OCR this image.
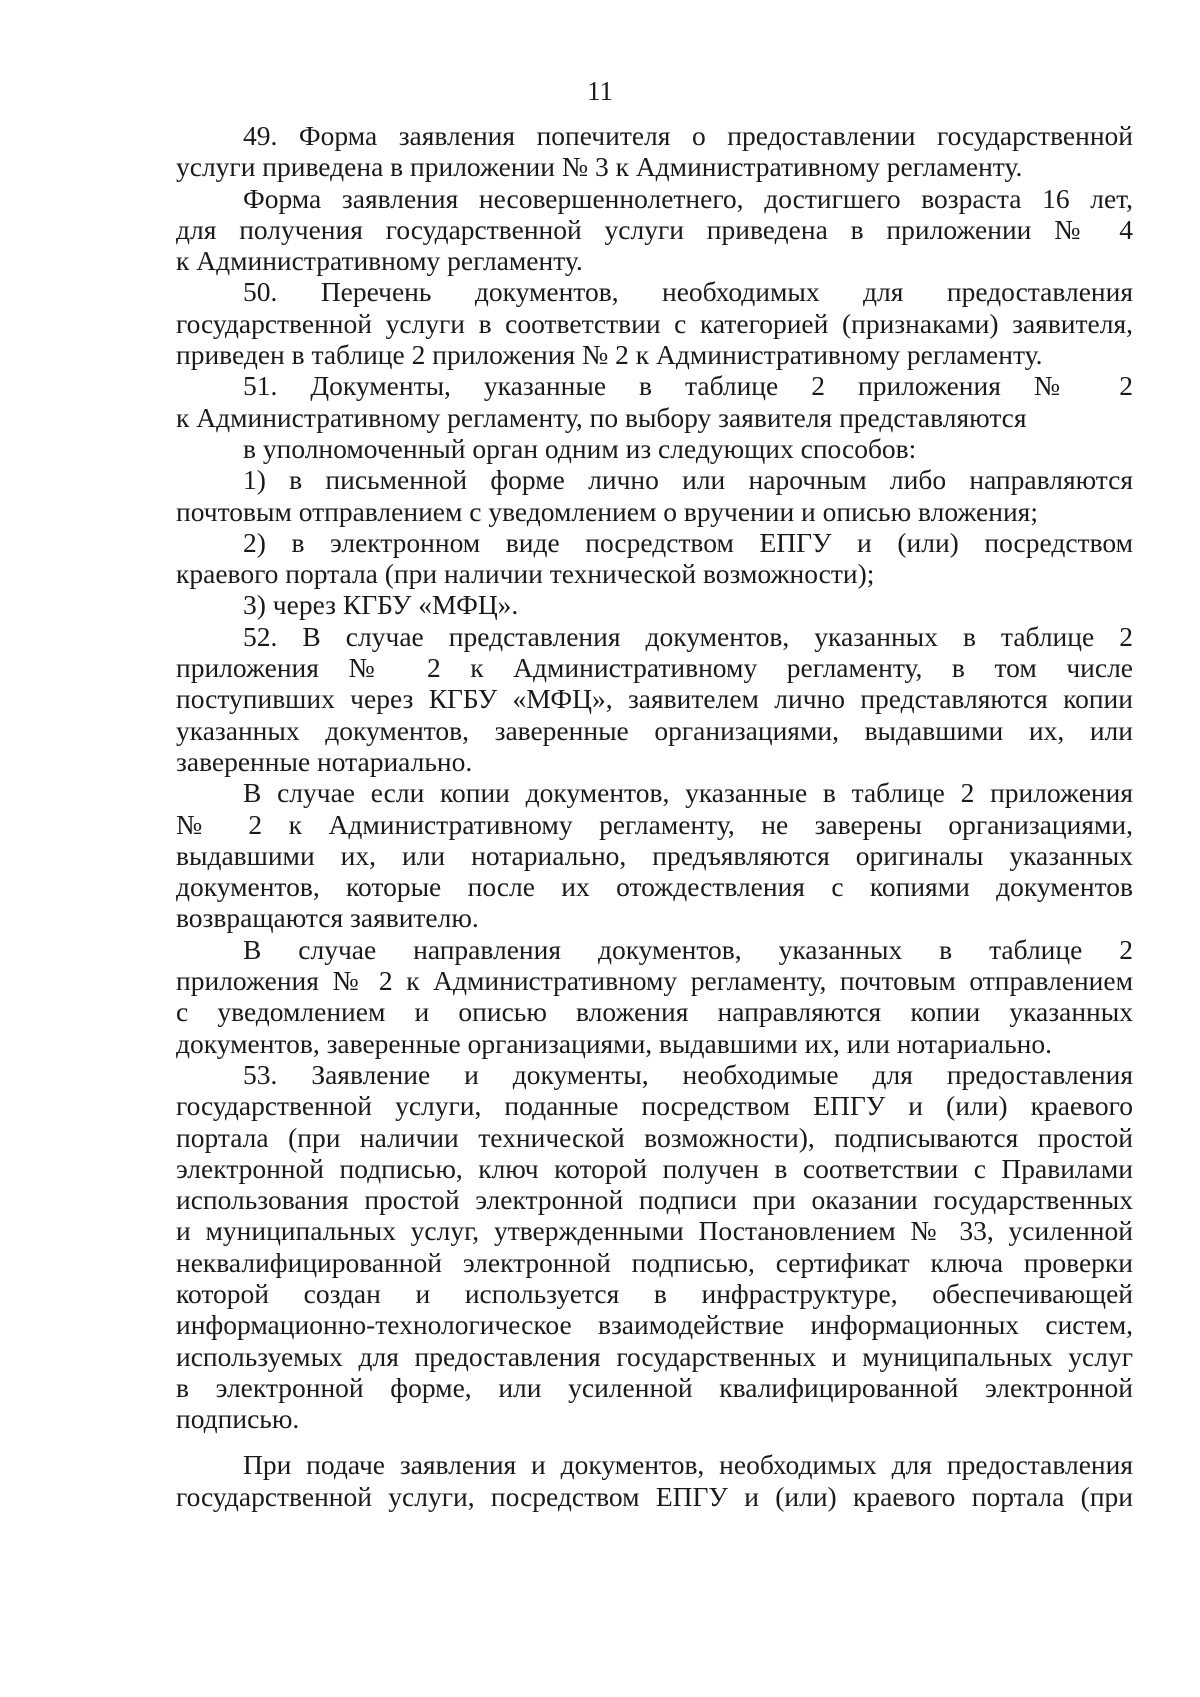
11
49. Форма заявления попечителя о предоставлении государственной
услуги приведена в приложении № 3 к Административному регламенту.
Форма заявления несовершеннолетнего, достигшего возраста 16 лет,
для получения государственной услуги приведена в приложении № 4
к Административному регламенту.
50. Перечень документов, необходимых для предоставления
государственной услуги в соответствии с категорией (признаками) заявителя,
приведен в таблице 2 приложения № 2 к Административному регламенту.
51. Документы, указанные в таблице 2 приложения № 2
к Административному регламенту, по выбору заявителя представляются
в уполномоченный орган одним из следующих способов:
1) в письменной форме лично или нарочным либо направляются
почтовым отправлением с уведомлением о вручении и описью вложения;
2) в электронном виде посредством ЕПГУ и (или) посредством
краевого портала (при наличии технической возможности);
3) через КГБУ «МФЦ».
52. В случае представления документов, указанных в таблице 2
приложения № 2 к Административному регламенту, в том числе
поступивших через КГБУ «МФЦ», заявителем лично представляются копии
указанных документов, заверенные организациями, выдавшими их, или
заверенные нотариально.
В случае если копии документов, указанные в таблице 2 приложения
№ 2 к Административному регламенту, не заверены организациями,
выдавшими их, или нотариально, предъявляются оригиналы указанных
документов, которые после их отождествления с копиями документов
возвращаются заявителю.
В случае направления документов, указанных в таблице 2
приложения № 2 к Административному регламенту, почтовым отправлением
с уведомлением и описью вложения направляются копии указанных
документов, заверенные организациями, выдавшими их, или нотариально.
53. Заявление и документы, необходимые для предоставления
государственной услуги, поданные посредством ЕПГУ и (или) краевого
портала (при наличии технической возможности), подписываются простой
электронной подписью, ключ которой получен в соответствии с Правилами
использования простой электронной подписи при оказании государственных
и муниципальных услуг, утвержденными Постановлением № 33, усиленной
неквалифицированной электронной подписью, сертификат ключа проверки
которой создан и используется в инфраструктуре, обеспечивающей
информационно-технологическое взаимодействие информационных систем,
используемых для предоставления государственных и муниципальных услуг
в электронной форме, или усиленной квалифицированной электронной
подписью.
При подаче заявления и документов, необходимых для предоставления
государственной услуги, посредством ЕПГУ и (или) краевого портала (при
